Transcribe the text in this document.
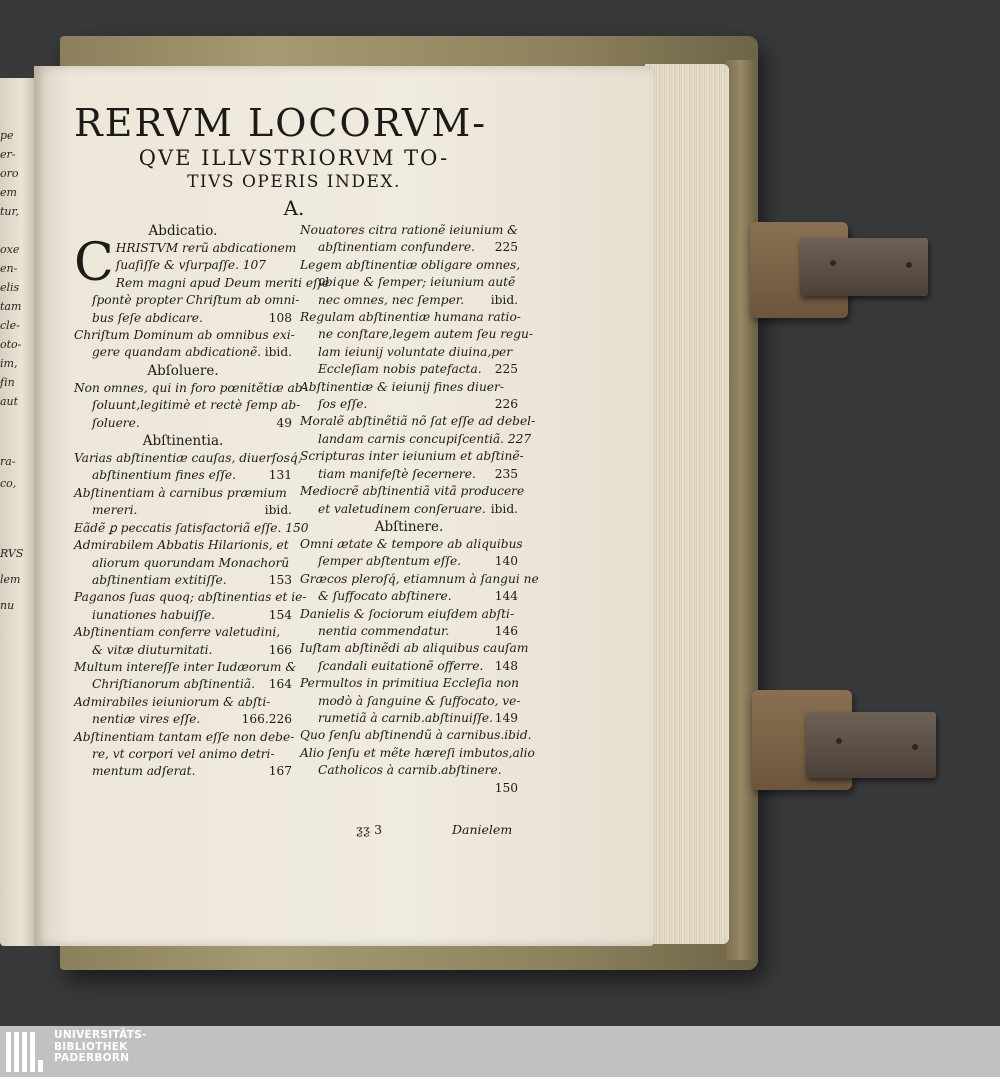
pe
er-
oro
em
tur,
oxe
en-
elis
tam
cle-
oto-
im,
ẜin
aut
ra-
co,
RVS
lem
nu
RERVM LOCORVM-
QVE ILLVSTRIORVM TO-
TIVS OPERIS INDEX.
A.
Abdicatio.
C HRISTVM rerũ abdicationem
ſuaſiſſe & vſurpaſſe. 107
Rem magni apud Deum meriti eſſe
ſpontè propter Chriſtum ab omni-
bus ſeſe abdicare.	108
Chriſtum Dominum ab omnibus exi-
gere quandam abdicationẽ. ibid.
Abſoluere.
Non omnes, qui in foro pœnitẽtiæ ab-
ſoluunt,legitimè et rectè ſemp ab-
ſoluere.	49
Abſtinentia.
Varias abſtinentiæ cauſas, diuerſosq́,
abſtinentium fines eſſe.	131
Abſtinentiam à carnibus præmium
mereri.	ibid.
Eãdẽ ꝑ peccatis ſatisfactoriã eſſe. 150
Admirabilem Abbatis Hilarionis, et
aliorum quorundam Monachorũ
abſtinentiam extitiſſe.	153
Paganos ſuas quoq; abſtinentias et ie-
iunationes habuiſſe.	154
Abſtinentiam conferre valetudini,
& vitæ diuturnitati.	166
Multum intereſſe inter Iudæorum &
Chriſtianorum abſtinentiã. 164
Admirabiles ieiuniorum & abſti-
nentiæ vires eſſe.	166.226
Abſtinentiam tantam eſſe non debe-
re, vt corpori vel animo detri-
mentum adſerat.	167
Nouatores citra rationẽ ieiunium &
abſtinentiam confundere. 225
Legem abſtinentiæ obligare omnes,
vbique & ſemper; ieiunium autẽ
nec omnes, nec ſemper. ibid.
Regulam abſtinentiæ humana ratio-
ne conſtare,legem autem ſeu regu-
lam ieiunij voluntate diuina,per
Eccleſiam nobis patefacta. 225
Abſtinentiæ & ieiunij fines diuer-
ſos eſſe.	226
Moralẽ abſtinẽtiã nõ ſat eſſe ad debel-
landam carnis concupiſcentiã. 227
Scripturas inter ieiunium et abſtinẽ-
tiam manifeſtè ſecernere. 235
Mediocrẽ abſtinentiã vitã producere
et valetudinem conſeruare. ibid.
Abſtinere.
Omni ætate & tempore ab aliquibus
ſemper abſtentum eſſe.	140
Græcos pleroſq́, etiamnum à ſangui ne
& ſuffocato abſtinere.	144
Danielis & ſociorum eiuſdem abſti-
nentia commendatur.	146
Iuſtam abſtinẽdi ab aliquibus cauſam
ſcandali euitationẽ offerre. 148
Permultos in primitiua Eccleſia non
modò à ſanguine & ſuffocato, ve-
rumetiã à carnib.abſtinuiſſe. 149
Quo ſenſu abſtinendũ à carnibus.ibid.
Alio ſenſu et mẽte hæreſi imbutos,alio
Catholicos à carnib.abſtinere.
150
ƺƺ 3	Danielem
UNIVERSITÄTS-
BIBLIOTHEK
PADERBORN
